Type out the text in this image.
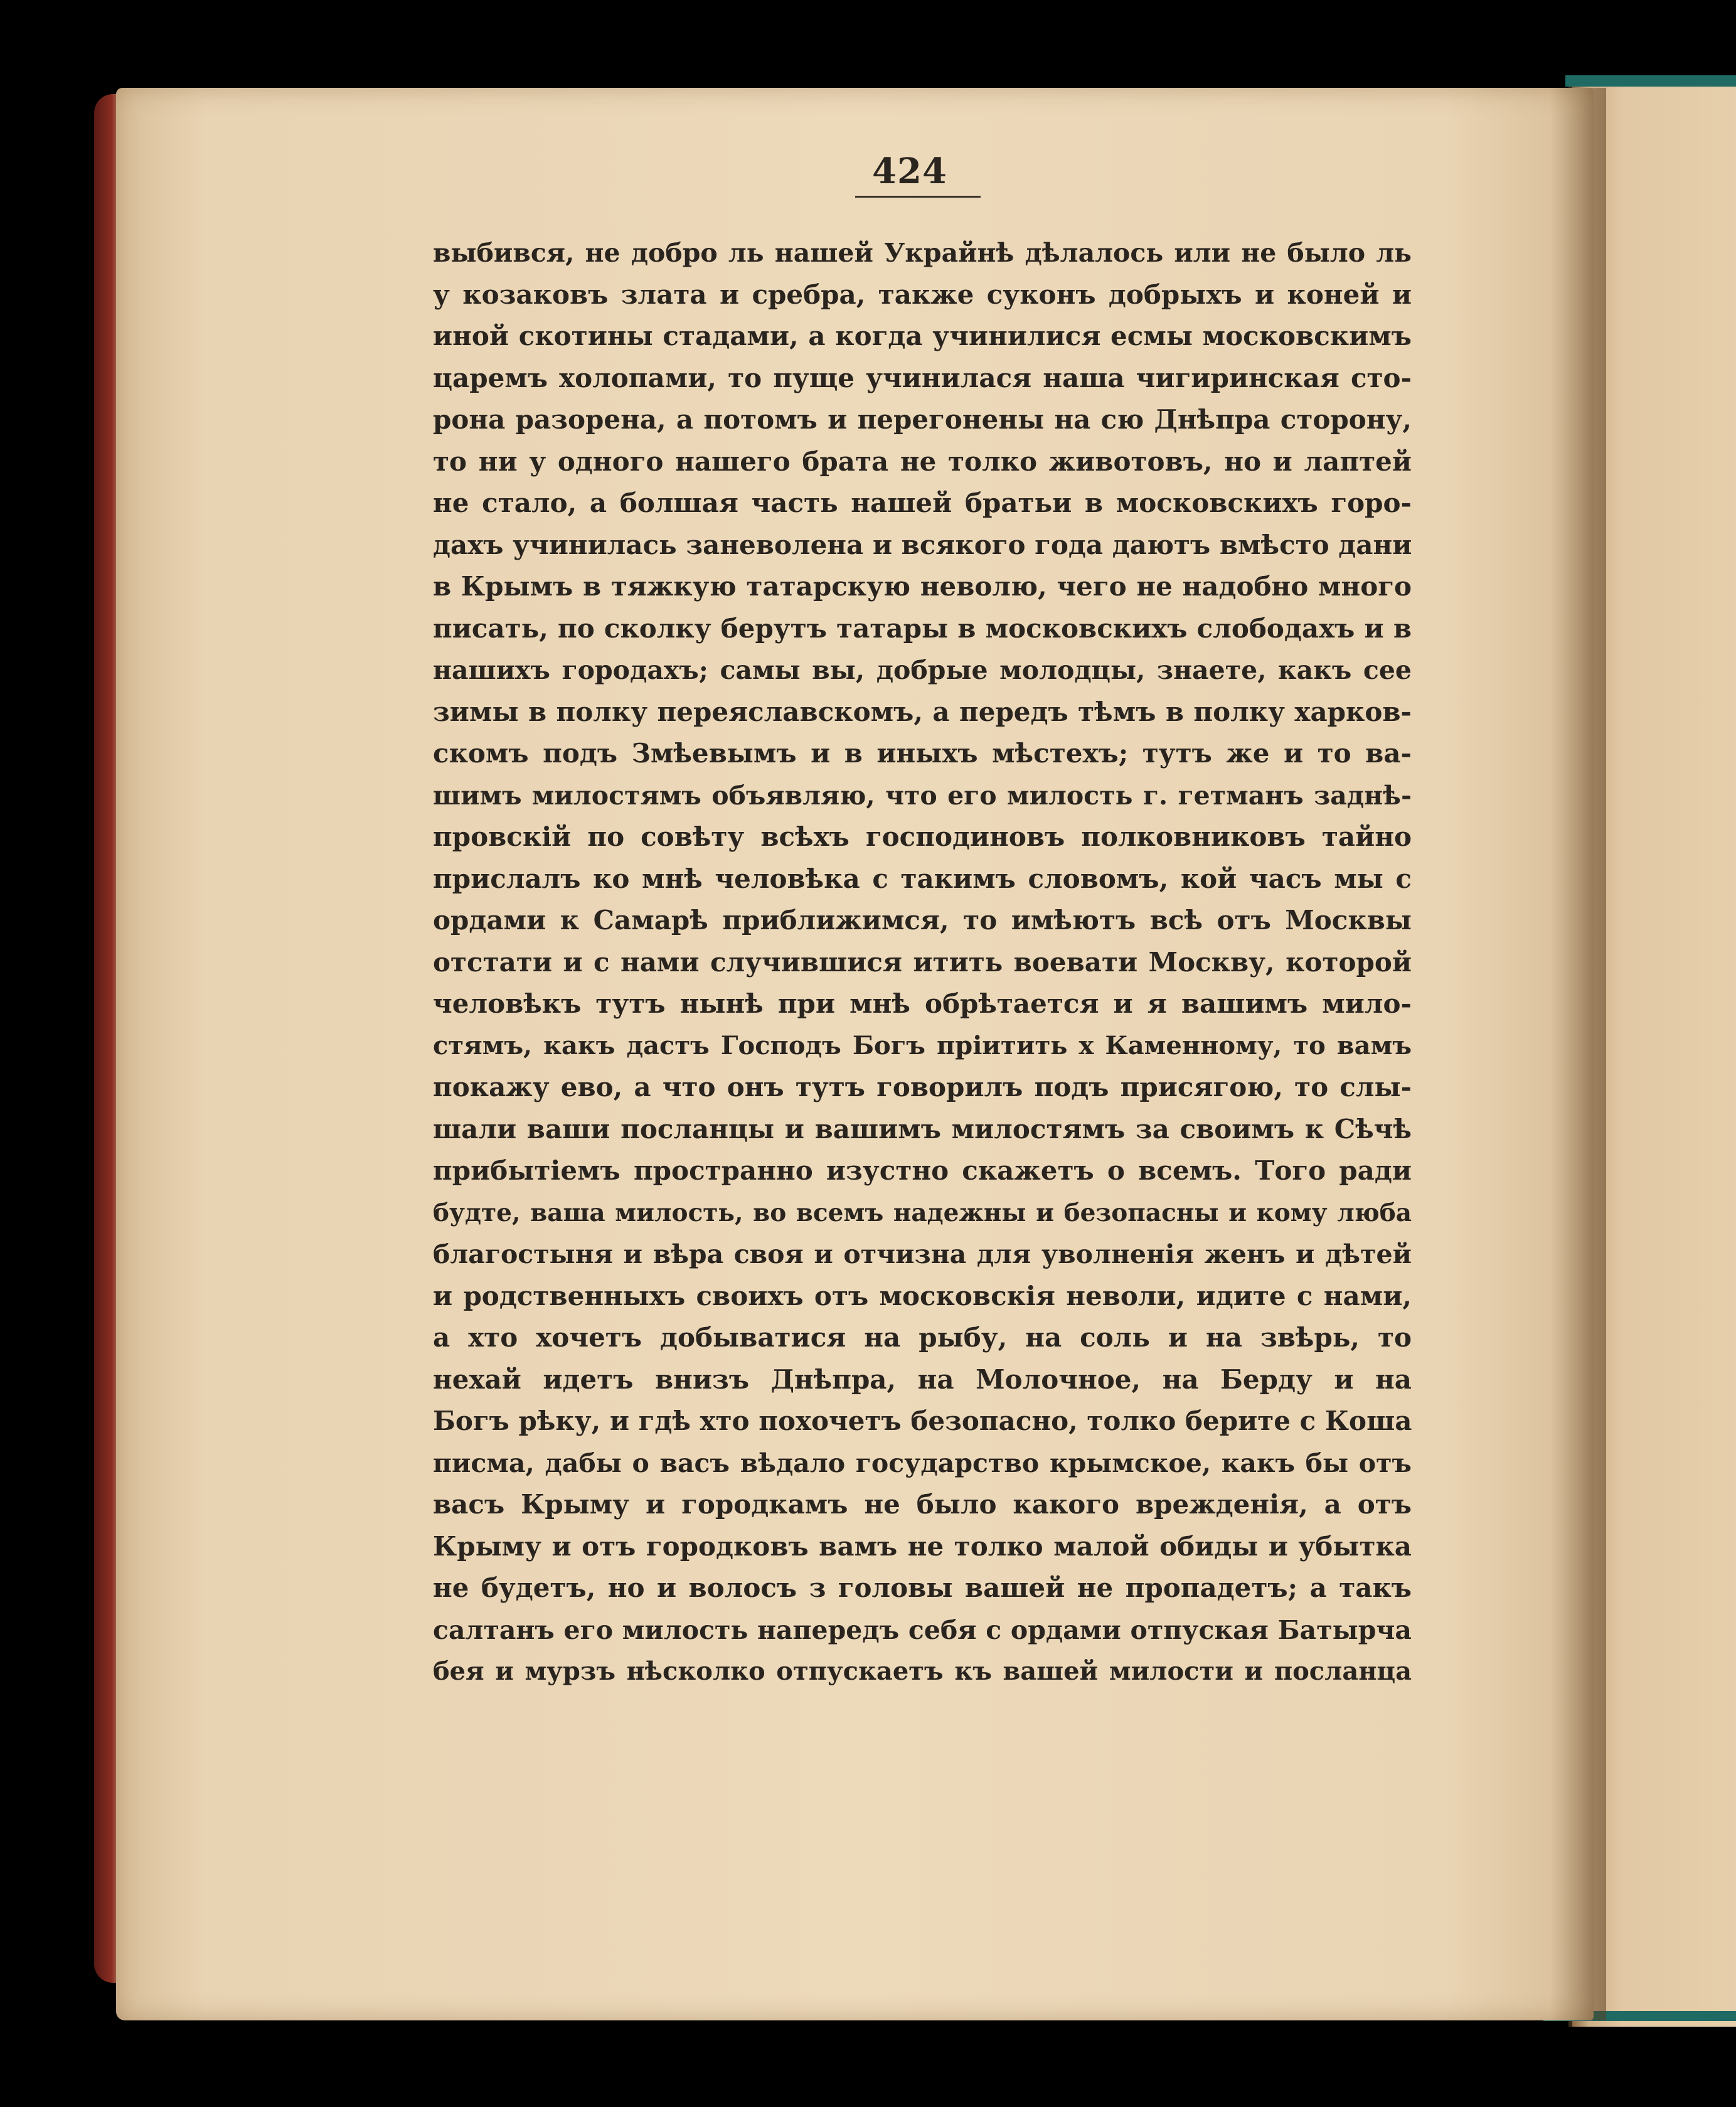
424
выбився, не добро ль нашей Украйнѣ дѣлалось или не было ль
у козаковъ злата и сребра, также суконъ добрыхъ и коней и
иной скотины стадами, а когда учинилися есмы московскимъ
царемъ холопами, то пуще учинилася наша чигиринская сто-
рона разорена, а потомъ и перегонены на сю Днѣпра сторону,
то ни у одного нашего брата не толко животовъ, но и лаптей
не стало, а болшая часть нашей братьи в московскихъ горо-
дахъ учинилась заневолена и всякого года даютъ вмѣсто дани
в Крымъ в тяжкую татарскую неволю, чего не надобно много
писать, по сколку берутъ татары в московскихъ слободахъ и в
нашихъ городахъ; самы вы, добрые молодцы, знаете, какъ сее
зимы в полку переяславскомъ, а передъ тѣмъ в полку харков-
скомъ подъ Змѣевымъ и в иныхъ мѣстехъ; тутъ же и то ва-
шимъ милостямъ объявляю, что его милость г. гетманъ заднѣ-
провскій по совѣту всѣхъ господиновъ полковниковъ тайно
прислалъ ко мнѣ человѣка с такимъ словомъ, кой часъ мы с
ордами к Самарѣ приближимся, то имѣютъ всѣ отъ Москвы
отстати и с нами случившися итить воевати Москву, которой
человѣкъ тутъ нынѣ при мнѣ обрѣтается и я вашимъ мило-
стямъ, какъ дастъ Господъ Богъ пріитить х Каменному, то вамъ
покажу ево, а что онъ тутъ говорилъ подъ присягою, то слы-
шали ваши посланцы и вашимъ милостямъ за своимъ к Сѣчѣ
прибытіемъ пространно изустно скажетъ о всемъ. Того ради
будте, ваша милость, во всемъ надежны и безопасны и кому люба
благостыня и вѣра своя и отчизна для уволненія женъ и дѣтей
и родственныхъ своихъ отъ московскія неволи, идите с нами,
а хто хочетъ добыватися на рыбу, на соль и на звѣрь, то
нехай идетъ внизъ Днѣпра, на Молочное, на Берду и на
Богъ рѣку, и гдѣ хто похочетъ безопасно, толко берите с Коша
писма, дабы о васъ вѣдало государство крымское, какъ бы отъ
васъ Крыму и городкамъ не было какого врежденія, а отъ
Крыму и отъ городковъ вамъ не толко малой обиды и убытка
не будетъ, но и волосъ з головы вашей не пропадетъ; а такъ
салтанъ его милость напередъ себя с ордами отпуская Батырча
бея и мурзъ нѣсколко отпускаетъ къ вашей милости и посланца
